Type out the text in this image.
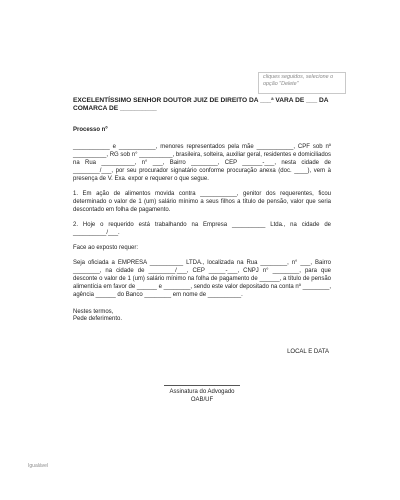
cliques seguidos, selecione o
opção "Delete"
EXCELENTÍSSIMO SENHOR DOUTOR JUIZ DE DIREITO DA ___ª VARA DE ___ DA COMARCA DE __________
Processo nº
___________ e ___________, menores representados pela mãe ___________, CPF sob nº __________, RG sob n° __________, brasileira, solteira, auxiliar geral, residentes e domiciliados na Rua __________, n° ___, Bairro ________, CEP ______-___, nesta cidade de ________/___, por seu procurador signatário conforme procuração anexa (doc. ____), vem à presença de V. Exa. expor e requerer o que segue.
1. Em ação de alimentos movida contra ___________, genitor dos requerentes, ficou determinado o valor de 1 (um) salário mínimo a seus filhos a título de pensão, valor que seria descontado em folha de pagamento.
2. Hoje o requerido está trabalhando na Empresa __________ Ltda., na cidade de __________/___.
Face ao exposto requer:
Seja oficiada a EMPRESA __________ LTDA., localizada na Rua ________, n° ___, Bairro ________, na cidade de ________/___, CEP _____-___, CNPJ n° ________, para que desconte o valor de 1 (um) salário mínimo na folha de pagamento de ______, a título de pensão alimentícia em favor de ______ e ________, sendo este valor depositado na conta nº ________, agência ______ do Banco ________ em nome de __________.
Nestes termos,
Pede deferimento.
LOCAL E DATA
Assinatura do Advogado
OAB/UF
Igualável
